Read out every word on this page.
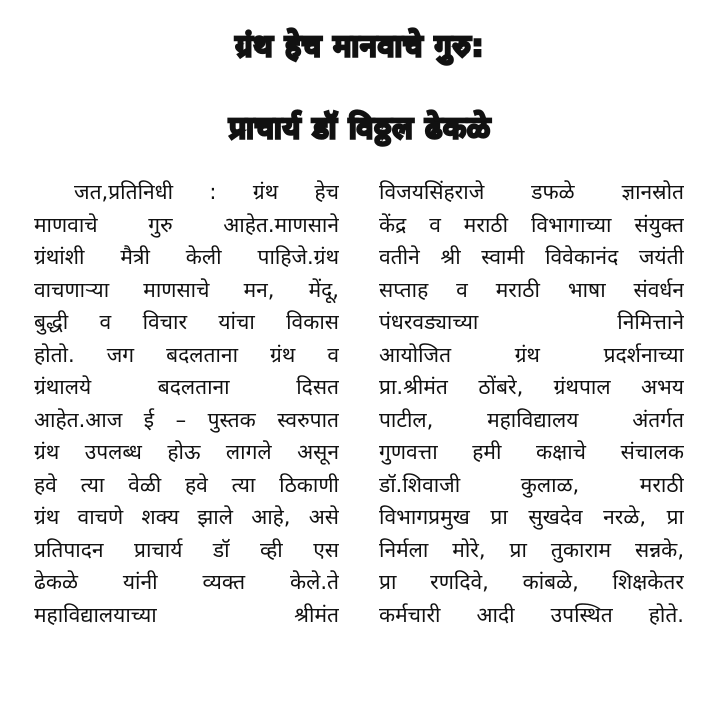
ग्रंथ हेच मानवाचे गुरु:
प्राचार्य डॉ विठ्ठल ढेकळे
जत,प्रतिनिधी : ग्रंथ हेच
माणवाचे गुरु आहेत.माणसाने
ग्रंथांशी मैत्री केली पाहिजे.ग्रंथ
वाचणाऱ्या माणसाचे मन, मेंदू,
बुद्धी व विचार यांचा विकास
होतो. जग बदलताना ग्रंथ व
ग्रंथालये बदलताना दिसत
आहेत.आज ई – पुस्तक स्वरुपात
ग्रंथ उपलब्ध होऊ लागले असून
हवे त्या वेळी हवे त्या ठिकाणी
ग्रंथ वाचणे शक्य झाले आहे, असे
प्रतिपादन प्राचार्य डॉ व्ही एस
ढेकळे यांनी व्यक्त केले.ते
महाविद्यालयाच्या श्रीमंत
विजयसिंहराजे डफळे ज्ञानस्रोत
केंद्र व मराठी विभागाच्या संयुक्त
वतीने श्री स्वामी विवेकानंद जयंती
सप्ताह व मराठी भाषा संवर्धन
पंधरवड्याच्या निमित्ताने
आयोजित ग्रंथ प्रदर्शनाच्या
प्रा.श्रीमंत ठोंबरे, ग्रंथपाल अभय
पाटील, महाविद्यालय अंतर्गत
गुणवत्ता हमी कक्षाचे संचालक
डॉ.शिवाजी कुलाळ, मराठी
विभागप्रमुख प्रा सुखदेव नरळे, प्रा
निर्मला मोरे, प्रा तुकाराम सन्नके,
प्रा रणदिवे, कांबळे, शिक्षकेतर
कर्मचारी आदी उपस्थित होते.
